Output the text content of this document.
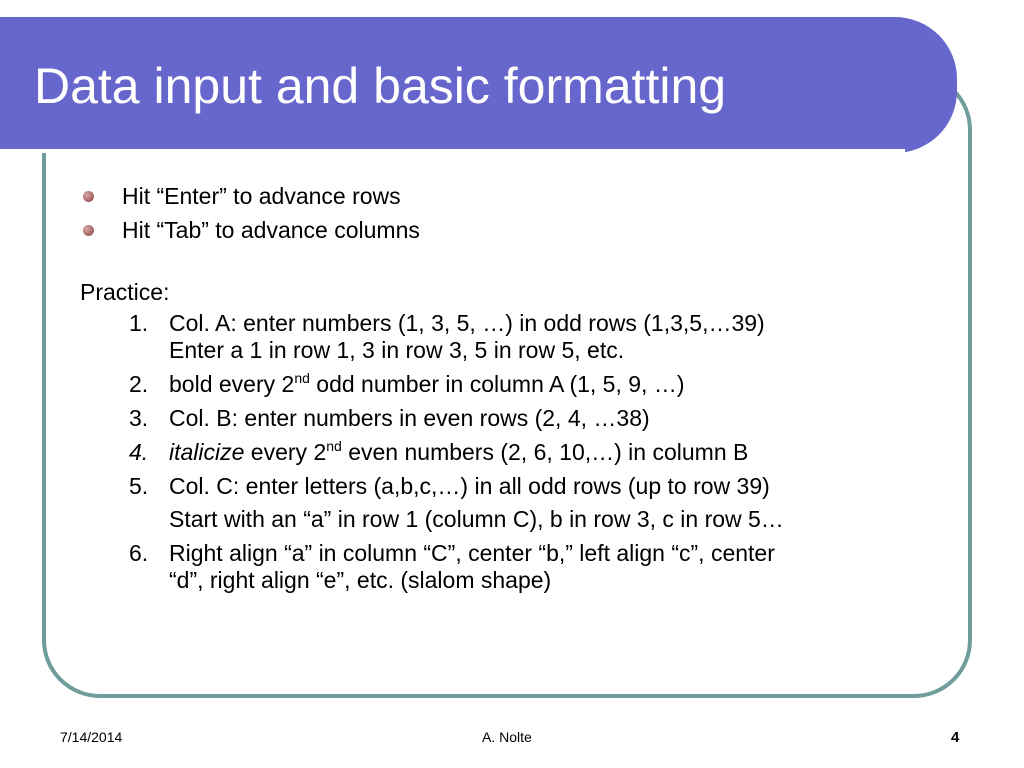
Data input and basic formatting
Hit “Enter” to advance rows
Hit “Tab” to advance columns
Practice:
1. Col. A: enter numbers (1, 3, 5, …) in odd rows (1,3,5,…39)
Enter a 1 in row 1, 3 in row 3, 5 in row 5, etc.
2. bold every 2nd odd number in column A (1, 5, 9, …)
3. Col. B: enter numbers in even rows (2, 4, …38)
4. italicize every 2nd even numbers (2, 6, 10,…) in column B
5. Col. C: enter letters (a,b,c,…) in all odd rows (up to row 39)
Start with an “a” in row 1 (column C), b in row 3, c in row 5…
6. Right align “a” in column “C”, center “b,” left align “c”, center
“d”, right align “e”, etc. (slalom shape)
7/14/2014	A. Nolte	4
